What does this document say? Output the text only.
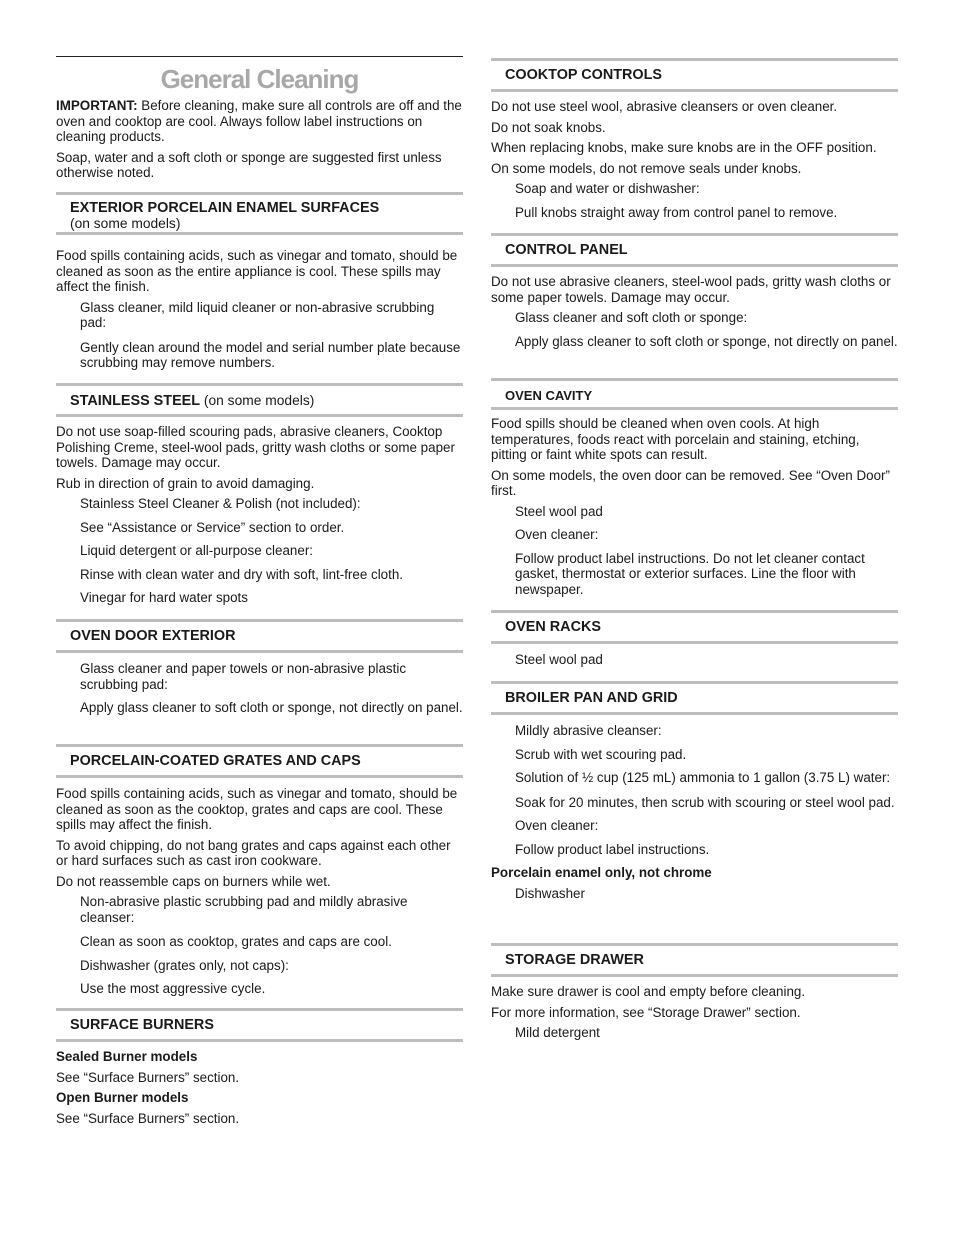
General Cleaning

IMPORTANT: Before cleaning, make sure all controls are off and the oven and cooktop are cool. Always follow label instructions on cleaning products.

Soap, water and a soft cloth or sponge are suggested first unless otherwise noted.

EXTERIOR PORCELAIN ENAMEL SURFACES
(on some models)

Food spills containing acids, such as vinegar and tomato, should be cleaned as soon as the entire appliance is cool. These spills may affect the finish.

Glass cleaner, mild liquid cleaner or non-abrasive scrubbing pad:

Gently clean around the model and serial number plate because scrubbing may remove numbers.

STAINLESS STEEL (on some models)

Do not use soap-filled scouring pads, abrasive cleaners, Cooktop Polishing Creme, steel-wool pads, gritty wash cloths or some paper towels. Damage may occur.

Rub in direction of grain to avoid damaging.

Stainless Steel Cleaner & Polish (not included):

See “Assistance or Service” section to order.

Liquid detergent or all-purpose cleaner:

Rinse with clean water and dry with soft, lint-free cloth.

Vinegar for hard water spots

OVEN DOOR EXTERIOR

Glass cleaner and paper towels or non-abrasive plastic scrubbing pad:

Apply glass cleaner to soft cloth or sponge, not directly on panel.

PORCELAIN-COATED GRATES AND CAPS

Food spills containing acids, such as vinegar and tomato, should be cleaned as soon as the cooktop, grates and caps are cool. These spills may affect the finish.

To avoid chipping, do not bang grates and caps against each other or hard surfaces such as cast iron cookware.

Do not reassemble caps on burners while wet.

Non-abrasive plastic scrubbing pad and mildly abrasive cleanser:

Clean as soon as cooktop, grates and caps are cool.

Dishwasher (grates only, not caps):

Use the most aggressive cycle.

SURFACE BURNERS

Sealed Burner models

See “Surface Burners” section.

Open Burner models

See “Surface Burners” section.

COOKTOP CONTROLS

Do not use steel wool, abrasive cleansers or oven cleaner.

Do not soak knobs.

When replacing knobs, make sure knobs are in the OFF position.

On some models, do not remove seals under knobs.

Soap and water or dishwasher:

Pull knobs straight away from control panel to remove.

CONTROL PANEL

Do not use abrasive cleaners, steel-wool pads, gritty wash cloths or some paper towels. Damage may occur.

Glass cleaner and soft cloth or sponge:

Apply glass cleaner to soft cloth or sponge, not directly on panel.

OVEN CAVITY

Food spills should be cleaned when oven cools. At high temperatures, foods react with porcelain and staining, etching, pitting or faint white spots can result.

On some models, the oven door can be removed. See “Oven Door” first.

Steel wool pad

Oven cleaner:

Follow product label instructions. Do not let cleaner contact gasket, thermostat or exterior surfaces. Line the floor with newspaper.

OVEN RACKS

Steel wool pad

BROILER PAN AND GRID

Mildly abrasive cleanser:

Scrub with wet scouring pad.

Solution of ½ cup (125 mL) ammonia to 1 gallon (3.75 L) water:

Soak for 20 minutes, then scrub with scouring or steel wool pad.

Oven cleaner:

Follow product label instructions.

Porcelain enamel only, not chrome

Dishwasher

STORAGE DRAWER

Make sure drawer is cool and empty before cleaning.

For more information, see “Storage Drawer” section.

Mild detergent
